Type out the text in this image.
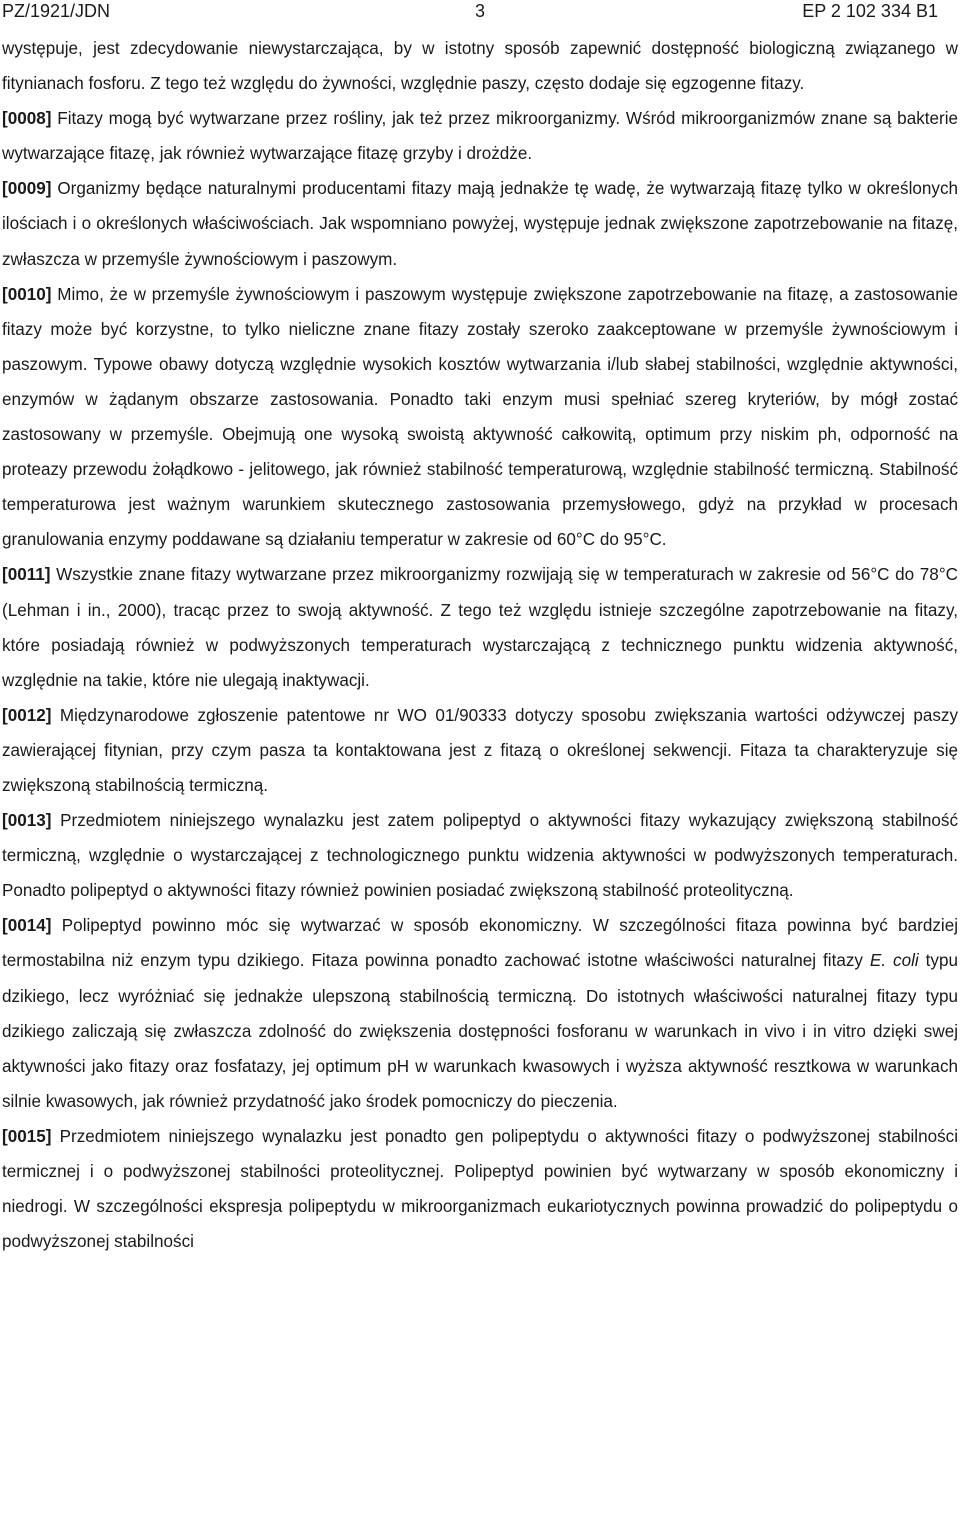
PZ/1921/JDN	3	EP 2 102 334 B1

występuje, jest zdecydowanie niewystarczająca, by w istotny sposób zapewnić dostępność biologiczną związanego w fitynianach fosforu. Z tego też względu do żywności, względnie paszy, często dodaje się egzogenne fitazy.

[0008] Fitazy mogą być wytwarzane przez rośliny, jak też przez mikroorganizmy. Wśród mikroorganizmów znane są bakterie wytwarzające fitazę, jak również wytwarzające fitazę grzyby i drożdże.

[0009] Organizmy będące naturalnymi producentami fitazy mają jednakże tę wadę, że wytwarzają fitazę tylko w określonych ilościach i o określonych właściwościach. Jak wspomniano powyżej, występuje jednak zwiększone zapotrzebowanie na fitazę, zwłaszcza w przemyśle żywnościowym i paszowym.

[0010] Mimo, że w przemyśle żywnościowym i paszowym występuje zwiększone zapotrzebowanie na fitazę, a zastosowanie fitazy może być korzystne, to tylko nieliczne znane fitazy zostały szeroko zaakceptowane w przemyśle żywnościowym i paszowym. Typowe obawy dotyczą względnie wysokich kosztów wytwarzania i/lub słabej stabilności, względnie aktywności, enzymów w żądanym obszarze zastosowania. Ponadto taki enzym musi spełniać szereg kryteriów, by mógł zostać zastosowany w przemyśle. Obejmują one wysoką swoistą aktywność całkowitą, optimum przy niskim ph, odporność na proteazy przewodu żołądkowo - jelitowego, jak również stabilność temperaturową, względnie stabilność termiczną. Stabilność temperaturowa jest ważnym warunkiem skutecznego zastosowania przemysłowego, gdyż na przykład w procesach granulowania enzymy poddawane są działaniu temperatur w zakresie od 60°C do 95°C.

[0011] Wszystkie znane fitazy wytwarzane przez mikroorganizmy rozwijają się w temperaturach w zakresie od 56°C do 78°C (Lehman i in., 2000), tracąc przez to swoją aktywność. Z tego też względu istnieje szczególne zapotrzebowanie na fitazy, które posiadają również w podwyższonych temperaturach wystarczającą z technicznego punktu widzenia aktywność, względnie na takie, które nie ulegają inaktywacji.

[0012] Międzynarodowe zgłoszenie patentowe nr WO 01/90333 dotyczy sposobu zwiększania wartości odżywczej paszy zawierającej fitynian, przy czym pasza ta kontaktowana jest z fitazą o określonej sekwencji. Fitaza ta charakteryzuje się zwiększoną stabilnością termiczną.

[0013] Przedmiotem niniejszego wynalazku jest zatem polipeptyd o aktywności fitazy wykazujący zwiększoną stabilność termiczną, względnie o wystarczającej z technologicznego punktu widzenia aktywności w podwyższonych temperaturach. Ponadto polipeptyd o aktywności fitazy również powinien posiadać zwiększoną stabilność proteolityczną.

[0014] Polipeptyd powinno móc się wytwarzać w sposób ekonomiczny. W szczególności fitaza powinna być bardziej termostabilna niż enzym typu dzikiego. Fitaza powinna ponadto zachować istotne właściwości naturalnej fitazy E. coli typu dzikiego, lecz wyróżniać się jednakże ulepszoną stabilnością termiczną. Do istotnych właściwości naturalnej fitazy typu dzikiego zaliczają się zwłaszcza zdolność do zwiększenia dostępności fosforanu w warunkach in vivo i in vitro dzięki swej aktywności jako fitazy oraz fosfatazy, jej optimum pH w warunkach kwasowych i wyższa aktywność resztkowa w warunkach silnie kwasowych, jak również przydatność jako środek pomocniczy do pieczenia.

[0015] Przedmiotem niniejszego wynalazku jest ponadto gen polipeptydu o aktywności fitazy o podwyższonej stabilności termicznej i o podwyższonej stabilności proteolitycznej. Polipeptyd powinien być wytwarzany w sposób ekonomiczny i niedrogi. W szczególności ekspresja polipeptydu w mikroorganizmach eukariotycznych powinna prowadzić do polipeptydu o podwyższonej stabilności
